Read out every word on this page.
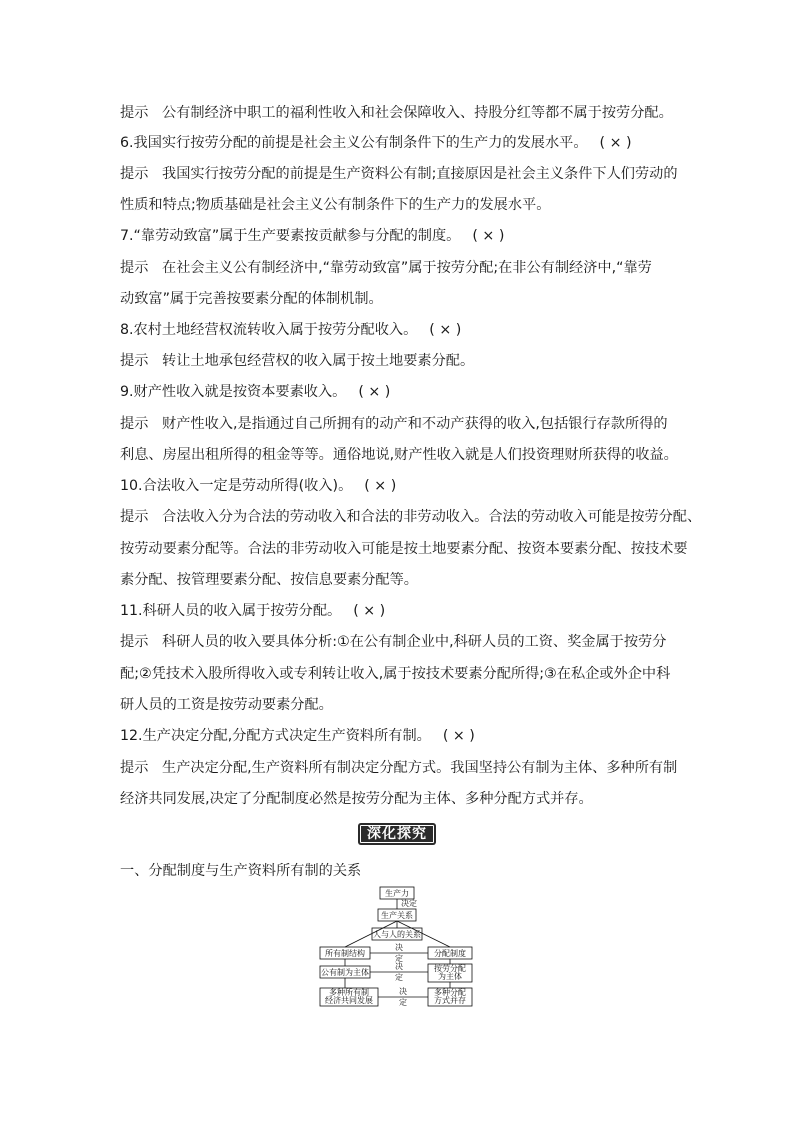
提示 公有制经济中职工的福利性收入和社会保障收入、持股分红等都不属于按劳分配。
6.我国实行按劳分配的前提是社会主义公有制条件下的生产力的发展水平。 ( × )
提示 我国实行按劳分配的前提是生产资料公有制;直接原因是社会主义条件下人们劳动的
性质和特点;物质基础是社会主义公有制条件下的生产力的发展水平。
7.“靠劳动致富”属于生产要素按贡献参与分配的制度。 ( × )
提示 在社会主义公有制经济中,“靠劳动致富”属于按劳分配;在非公有制经济中,“靠劳
动致富”属于完善按要素分配的体制机制。
8.农村土地经营权流转收入属于按劳分配收入。 ( × )
提示 转让土地承包经营权的收入属于按土地要素分配。
9.财产性收入就是按资本要素收入。 ( × )
提示 财产性收入,是指通过自己所拥有的动产和不动产获得的收入,包括银行存款所得的
利息、房屋出租所得的租金等等。通俗地说,财产性收入就是人们投资理财所获得的收益。
10.合法收入一定是劳动所得(收入)。 ( × )
提示 合法收入分为合法的劳动收入和合法的非劳动收入。合法的劳动收入可能是按劳分配、
按劳动要素分配等。合法的非劳动收入可能是按土地要素分配、按资本要素分配、按技术要
素分配、按管理要素分配、按信息要素分配等。
11.科研人员的收入属于按劳分配。 ( × )
提示 科研人员的收入要具体分析:①在公有制企业中,科研人员的工资、奖金属于按劳分
配;②凭技术入股所得收入或专利转让收入,属于按技术要素分配所得;③在私企或外企中科
研人员的工资是按劳动要素分配。
12.生产决定分配,分配方式决定生产资料所有制。 ( × )
提示 生产决定分配,生产资料所有制决定分配方式。我国坚持公有制为主体、多种所有制
经济共同发展,决定了分配制度必然是按劳分配为主体、多种分配方式并存。
深化探究
一、分配制度与生产资料所有制的关系
生产力
决定
生产关系
人与人的关系
所有制结构	分配制度
公有制为主体	按劳分配
为主体
多种所有制
经济共同发展
多种分配
方式并存
决
定
决
定
决
定
